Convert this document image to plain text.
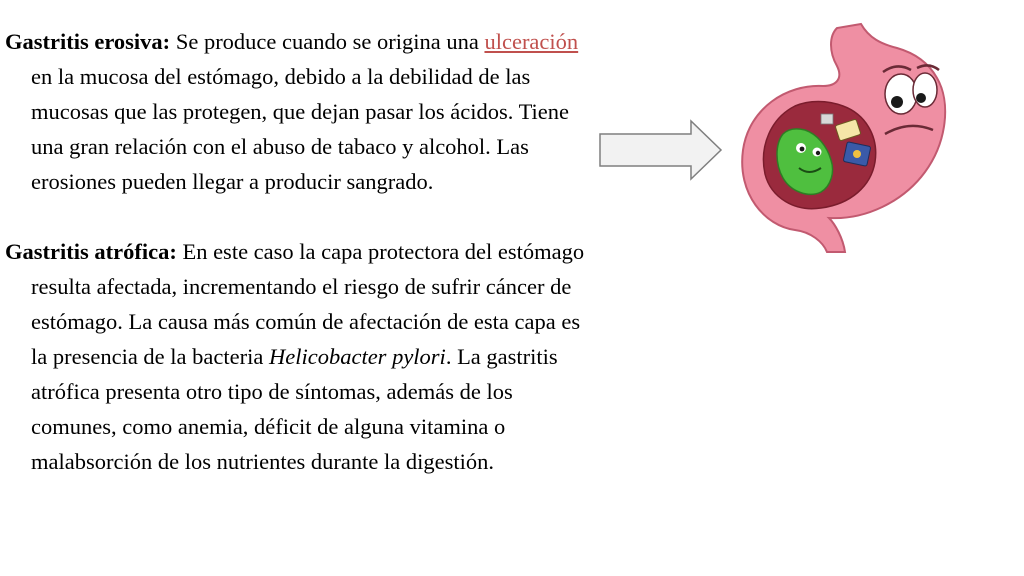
Gastritis erosiva: Se produce cuando se origina una ulceración en la mucosa del estómago, debido a la debilidad de las mucosas que las protegen, que dejan pasar los ácidos. Tiene una gran relación con el abuso de tabaco y alcohol. Las erosiones pueden llegar a producir sangrado.

Gastritis atrófica: En este caso la capa protectora del estómago resulta afectada, incrementando el riesgo de sufrir cáncer de estómago. La causa más común de afectación de esta capa es la presencia de la bacteria Helicobacter pylori. La gastritis atrófica presenta otro tipo de síntomas, además de los comunes, como anemia, déficit de alguna vitamina o malabsorción de los nutrientes durante la digestión.
